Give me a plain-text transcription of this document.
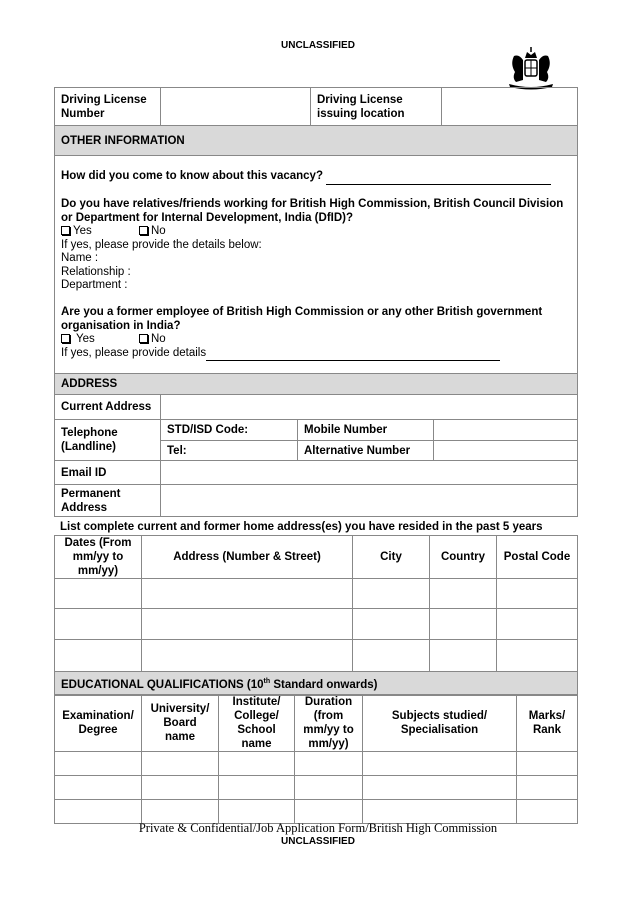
UNCLASSIFIED
Driving License Number		Driving License issuing location	
OTHER INFORMATION

How did you come to know about this vacancy?

Do you have relatives/friends working for British High Commission, British Council Division or Department for Internal Development, India (DfID)?

Yes	No

If yes, please provide the details below:

Name :

Relationship :

Department :

Are you a former employee of British High Commission or any other British government organisation in India?

Yes	No

If yes, please provide details

ADDRESS
Current Address			
Telephone (Landline)	STD/ISD Code:	Mobile Number	
	Tel:	Alternative Number	
Email ID			
Permanent Address			
List complete current and former home address(es) you have resided in the past 5 years
Dates (From mm/yy to mm/yy)	Address (Number & Street)	City	Country	Postal Code

EDUCATIONAL QUALIFICATIONS (10th Standard onwards)				
Examination/ Degree	University/ Board name	Institute/ College/ School name	Duration (from mm/yy to mm/yy)	Subjects studied/ Specialisation	Marks/ Rank

Private & Confidential/Job Application Form/British High Commission
UNCLASSIFIED
